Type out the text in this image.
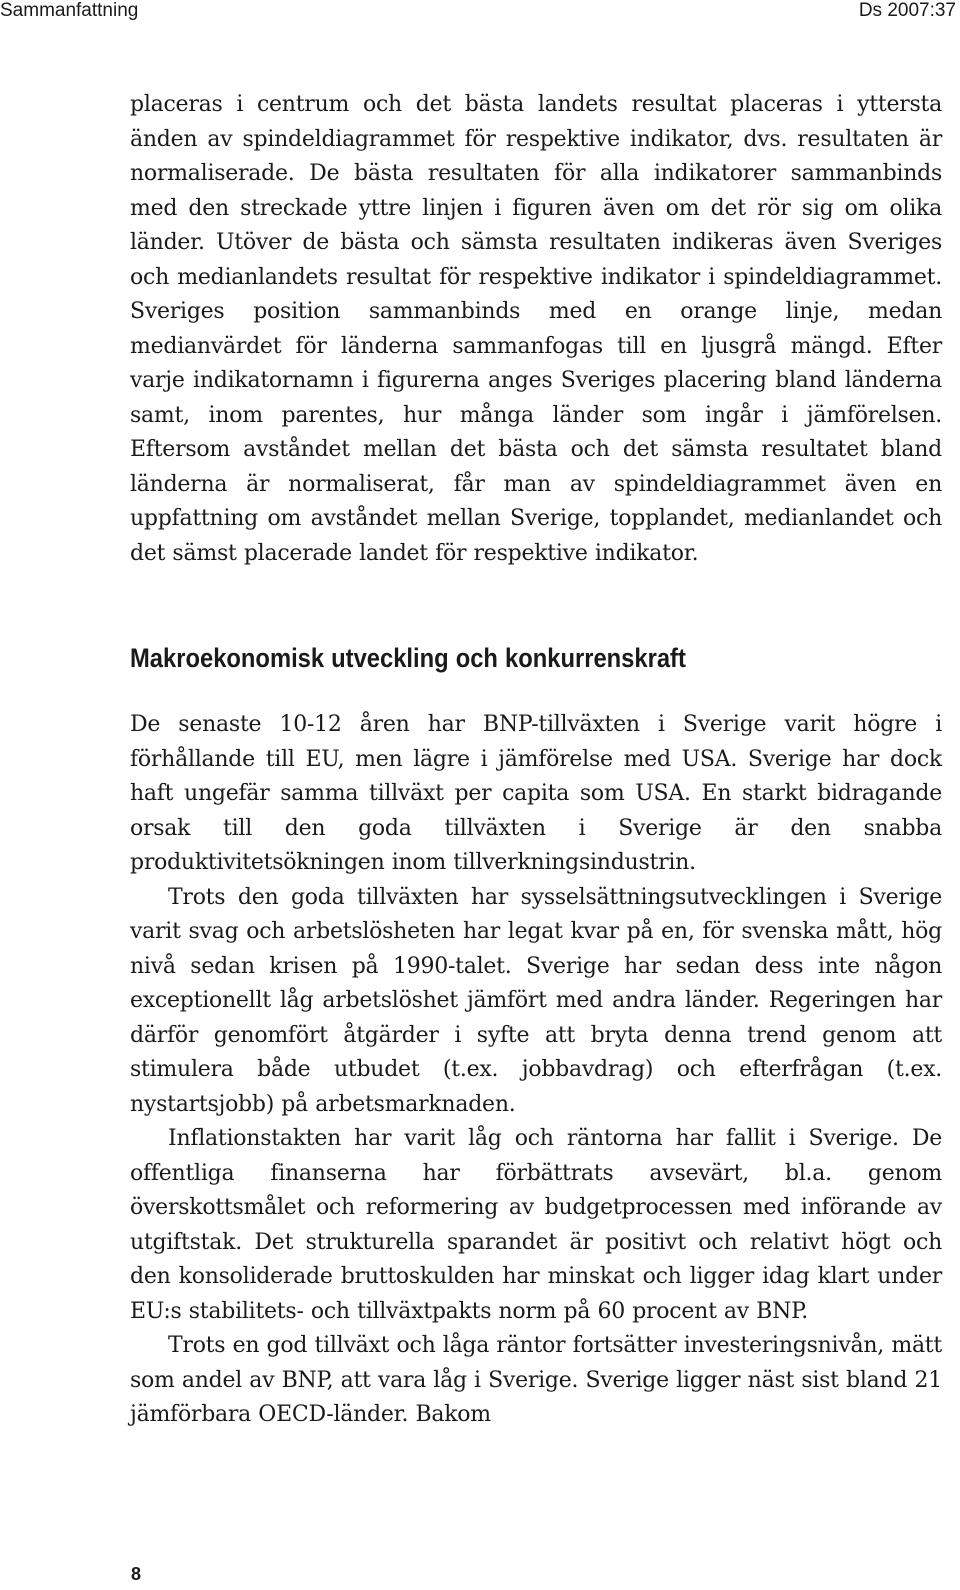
Sammanfattning	Ds 2007:37

placeras i centrum och det bästa landets resultat placeras i yttersta änden av spindeldiagrammet för respektive indikator, dvs. resultaten är normaliserade. De bästa resultaten för alla indikatorer sammanbinds med den streckade yttre linjen i figuren även om det rör sig om olika länder. Utöver de bästa och sämsta resultaten indikeras även Sveriges och medianlandets resultat för respektive indikator i spindeldiagrammet. Sveriges position sammanbinds med en orange linje, medan medianvärdet för länderna sammanfogas till en ljusgrå mängd. Efter varje indikatornamn i figurerna anges Sveriges placering bland länderna samt, inom parentes, hur många länder som ingår i jämförelsen. Eftersom avståndet mellan det bästa och det sämsta resultatet bland länderna är normaliserat, får man av spindeldiagrammet även en uppfattning om avståndet mellan Sverige, topplandet, medianlandet och det sämst placerade landet för respektive indikator.

Makroekonomisk utveckling och konkurrenskraft

De senaste 10-12 åren har BNP-tillväxten i Sverige varit högre i förhållande till EU, men lägre i jämförelse med USA. Sverige har dock haft ungefär samma tillväxt per capita som USA. En starkt bidragande orsak till den goda tillväxten i Sverige är den snabba produktivitetsökningen inom tillverkningsindustrin.

Trots den goda tillväxten har sysselsättningsutvecklingen i Sverige varit svag och arbetslösheten har legat kvar på en, för svenska mått, hög nivå sedan krisen på 1990-talet. Sverige har sedan dess inte någon exceptionellt låg arbetslöshet jämfört med andra länder. Regeringen har därför genomfört åtgärder i syfte att bryta denna trend genom att stimulera både utbudet (t.ex. jobbavdrag) och efterfrågan (t.ex. nystartsjobb) på arbetsmarknaden.

Inflationstakten har varit låg och räntorna har fallit i Sverige. De offentliga finanserna har förbättrats avsevärt, bl.a. genom överskottsmålet och reformering av budgetprocessen med införande av utgiftstak. Det strukturella sparandet är positivt och relativt högt och den konsoliderade bruttoskulden har minskat och ligger idag klart under EU:s stabilitets- och tillväxtpakts norm på 60 procent av BNP.

Trots en god tillväxt och låga räntor fortsätter investeringsnivån, mätt som andel av BNP, att vara låg i Sverige. Sverige ligger näst sist bland 21 jämförbara OECD-länder. Bakom

8
